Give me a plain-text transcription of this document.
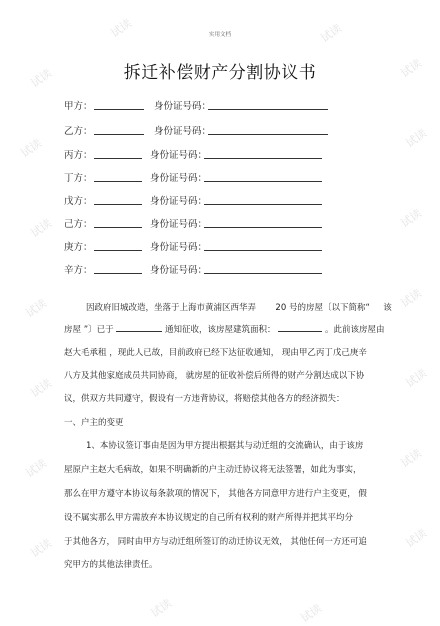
试读	试读
试读	试读
试读	试读
试读	试读
试读	试读
试读	试读
试读	试读
试读	试读
试读	试读
实用文档
拆迁补偿财产分割协议书
甲方：	身份证号码：
乙方：	身份证号码：
丙方：	身份证号码：
丁方：	身份证号码：
戊方：	身份证号码：
己方：	身份证号码：
庚方：	身份证号码：
辛方：	身份证号码：
因政府旧城改造，坐落于上海市黄浦区西华弄 20 号的房屋〔以下简称“ 该
房屋 ”〕已于	通知征收，该房屋建筑面积：	。此前该房屋由
赵大毛承租 ，现此人已故，目前政府已经下达征收通知， 现由甲乙丙丁戊己庚辛
八方及其他家庭成员共同协商， 就房屋的征收补偿后所得的财产分割达成以下协
议，供双方共同遵守，假设有一方违背协议，将赔偿其他各方的经济损失：
一、户主的变更
1、本协议签订事由是因为甲方提出根据其与动迁组的交流确认，由于该房
屋原户主赵大毛病故，如果不明确新的户主动迁协议将无法签署，如此为事实，
那么在甲方遵守本协议每条款项的情况下， 其他各方同意甲方进行户主变更， 假
设不属实那么甲方需放弃本协议规定的自己所有权利的财产所得并把其平均分
于其他各方， 同时由甲方与动迁组所签订的动迁协议无效， 其他任何一方还可追
究甲方的其他法律责任。
